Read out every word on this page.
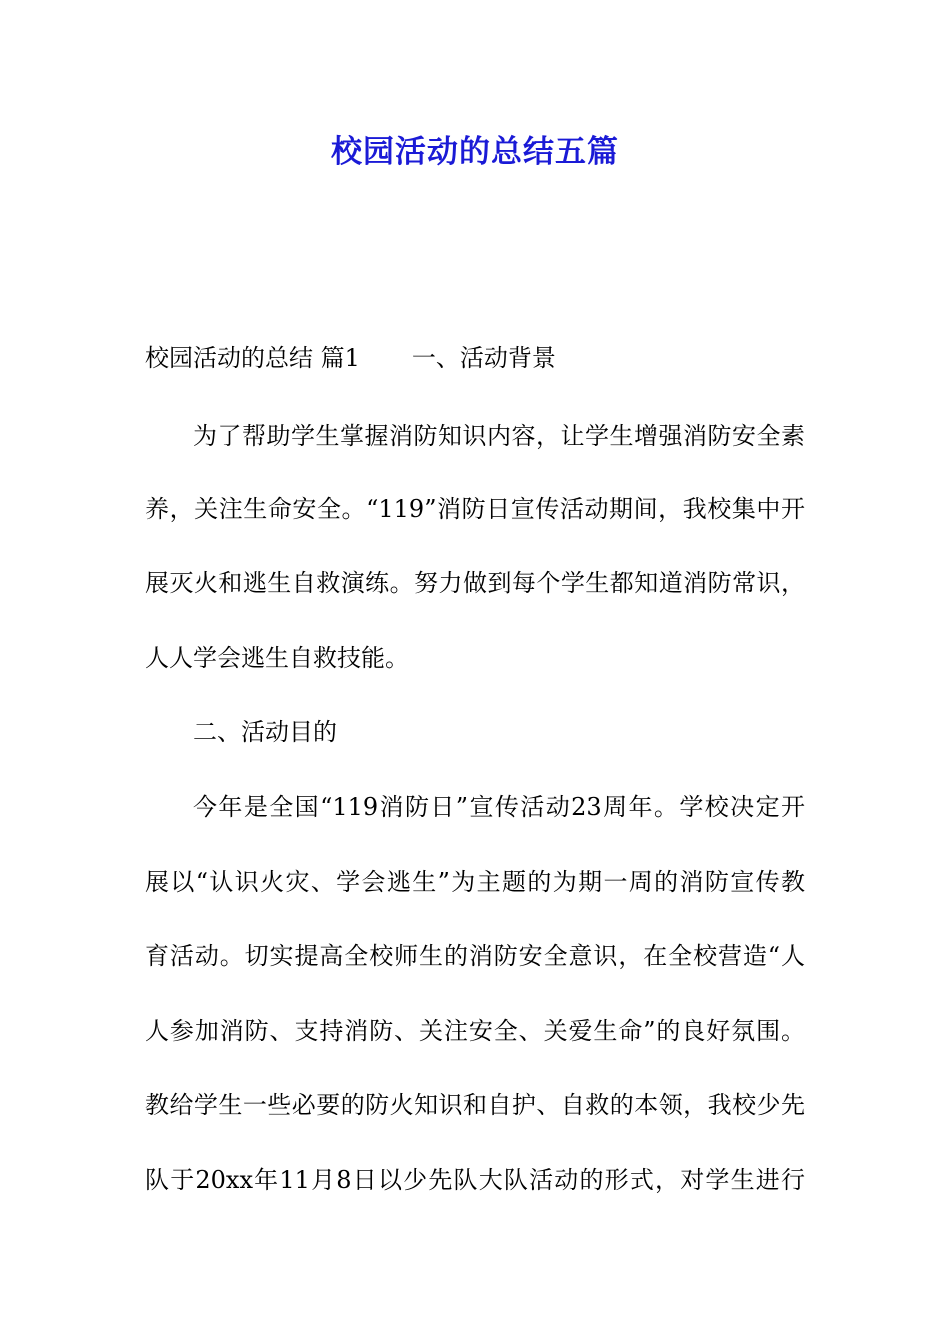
校园活动的总结五篇
校园活动的总结 篇1 一、活动背景
为了帮助学生掌握消防知识内容，让学生增强消防安全素
养，关注生命安全。“119”消防日宣传活动期间，我校集中开
展灭火和逃生自救演练。努力做到每个学生都知道消防常识，
人人学会逃生自救技能。
二、活动目的
今年是全国“119消防日”宣传活动23周年。学校决定开
展以“认识火灾、学会逃生”为主题的为期一周的消防宣传教
育活动。切实提高全校师生的消防安全意识，在全校营造“人
人参加消防、支持消防、关注安全、关爱生命”的良好氛围。
教给学生一些必要的防火知识和自护、自救的本领，我校少先
队于20xx年11月8日以少先队大队活动的形式，对学生进行
